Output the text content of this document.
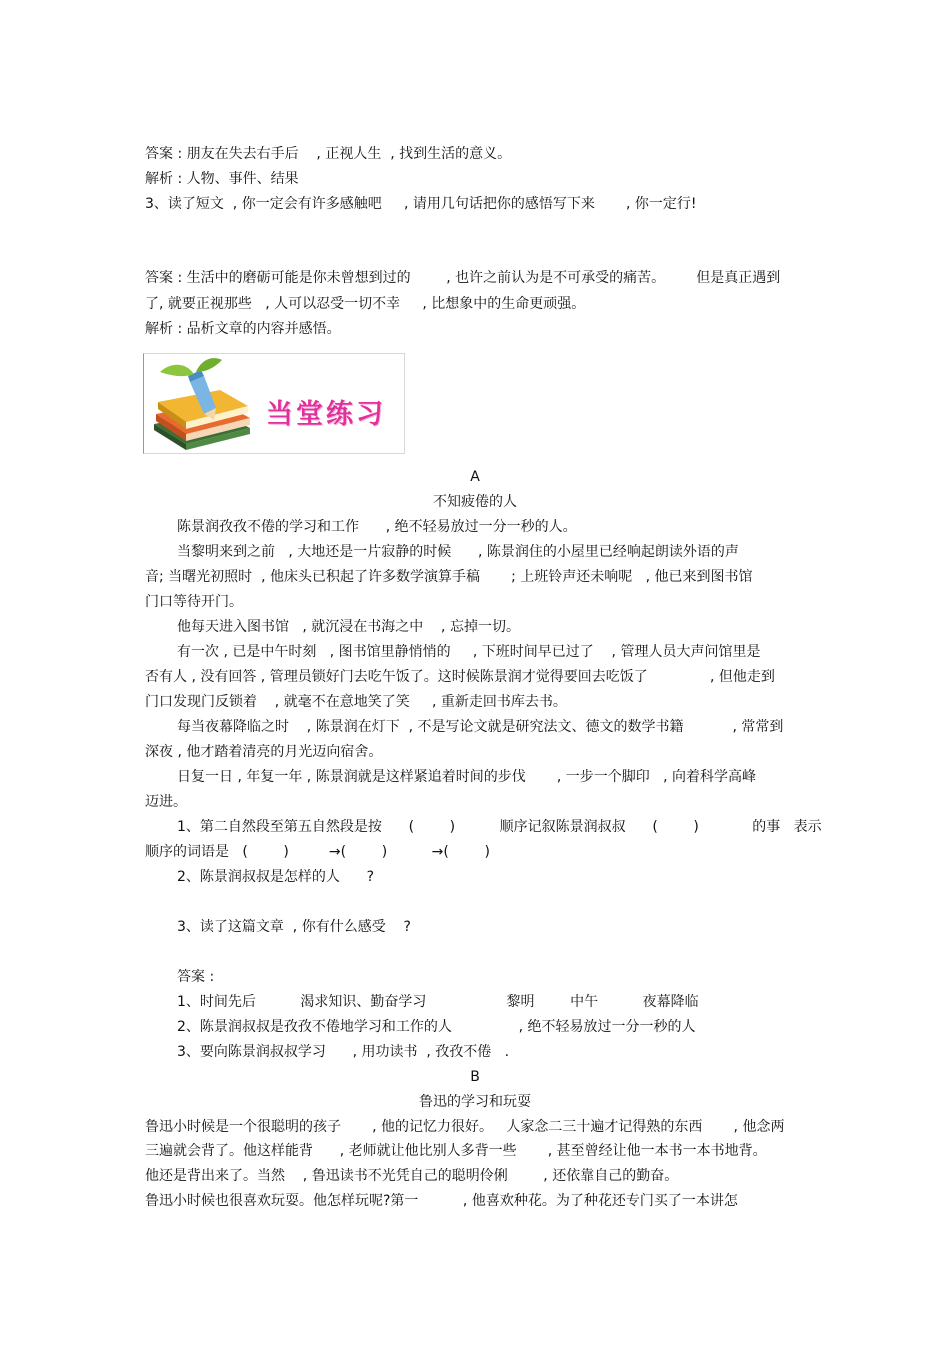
答案 : 朋友在失去右手后    , 正视人生  , 找到生活的意义。

解析 : 人物、事件、结果

3、读了短文  , 你一定会有许多感触吧     , 请用几句话把你的感悟写下来       , 你一定行!

答案 : 生活中的磨砺可能是你未曾想到过的        , 也许之前认为是不可承受的痛苦。       但是真正遇到

了, 就要正视那些   , 人可以忍受一切不幸     , 比想象中的生命更顽强。

解析 : 品析文章的内容并感悟。

当堂练习
A
不知疲倦的人

陈景润孜孜不倦的学习和工作      , 绝不轻易放过一分一秒的人。

当黎明来到之前   , 大地还是一片寂静的时候      , 陈景润住的小屋里已经响起朗读外语的声

音; 当曙光初照时  , 他床头已积起了许多数学演算手稿       ; 上班铃声还未响呢   , 他已来到图书馆

门口等待开门。

他每天进入图书馆   , 就沉浸在书海之中    , 忘掉一切。

有一次 , 已是中午时刻   , 图书馆里静悄悄的     , 下班时间早已过了    , 管理人员大声问馆里是

否有人 , 没有回答 , 管理员锁好门去吃午饭了。这时候陈景润才觉得要回去吃饭了              , 但他走到

门口发现门反锁着    , 就毫不在意地笑了笑     , 重新走回书库去书。

每当夜幕降临之时    , 陈景润在灯下  , 不是写论文就是研究法文、德文的数学书籍           , 常常到

深夜 , 他才踏着清亮的月光迈向宿舍。

日复一日 , 年复一年 , 陈景润就是这样紧追着时间的步伐       , 一步一个脚印   , 向着科学高峰

迈进。

1、第二自然段至第五自然段是按      (        )          顺序记叙陈景润叔叔      (        )            的事   表示

顺序的词语是   (        )         →(        )          →(        )

2、陈景润叔叔是怎样的人      ?

3、读了这篇文章  , 你有什么感受    ?

答案 :

1、时间先后          渴求知识、勤奋学习                  黎明        中午          夜幕降临

2、陈景润叔叔是孜孜不倦地学习和工作的人               , 绝不轻易放过一分一秒的人

3、要向陈景润叔叔学习      , 用功读书  , 孜孜不倦   .

B
鲁迅的学习和玩耍

鲁迅小时候是一个很聪明的孩子       , 他的记忆力很好。   人家念二三十遍才记得熟的东西       , 他念两

三遍就会背了。他这样能背      , 老师就让他比别人多背一些       , 甚至曾经让他一本书一本书地背。

他还是背出来了。当然    , 鲁迅读书不光凭自己的聪明伶俐        , 还依靠自己的勤奋。

鲁迅小时候也很喜欢玩耍。他怎样玩呢?第一          , 他喜欢种花。为了种花还专门买了一本讲怎
